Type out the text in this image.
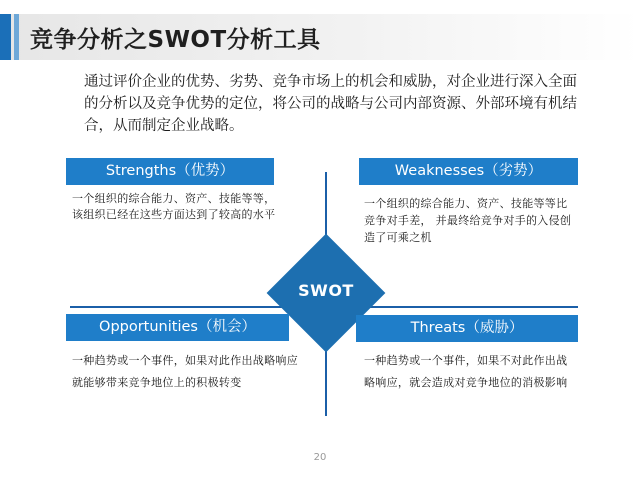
竞争分析之SWOT分析工具
通过评价企业的优势、劣势、竞争市场上的机会和威胁，对企业进行深入全面的分析以及竞争优势的定位，将公司的战略与公司内部资源、外部环境有机结合，从而制定企业战略。
SWOT
Strengths（优势）
一个组织的综合能力、资产、技能等等， 该组织已经在这些方面达到了较高的水平
Weaknesses（劣势）
一个组织的综合能力、资产、技能等等比竞争对手差， 并最终给竞争对手的入侵创造了可乘之机
Opportunities（机会）
一种趋势或一个事件，如果对此作出战略响应就能够带来竞争地位上的积极转变
Threats（威胁）
一种趋势或一个事件，如果不对此作出战略响应，就会造成对竞争地位的消极影响
20
